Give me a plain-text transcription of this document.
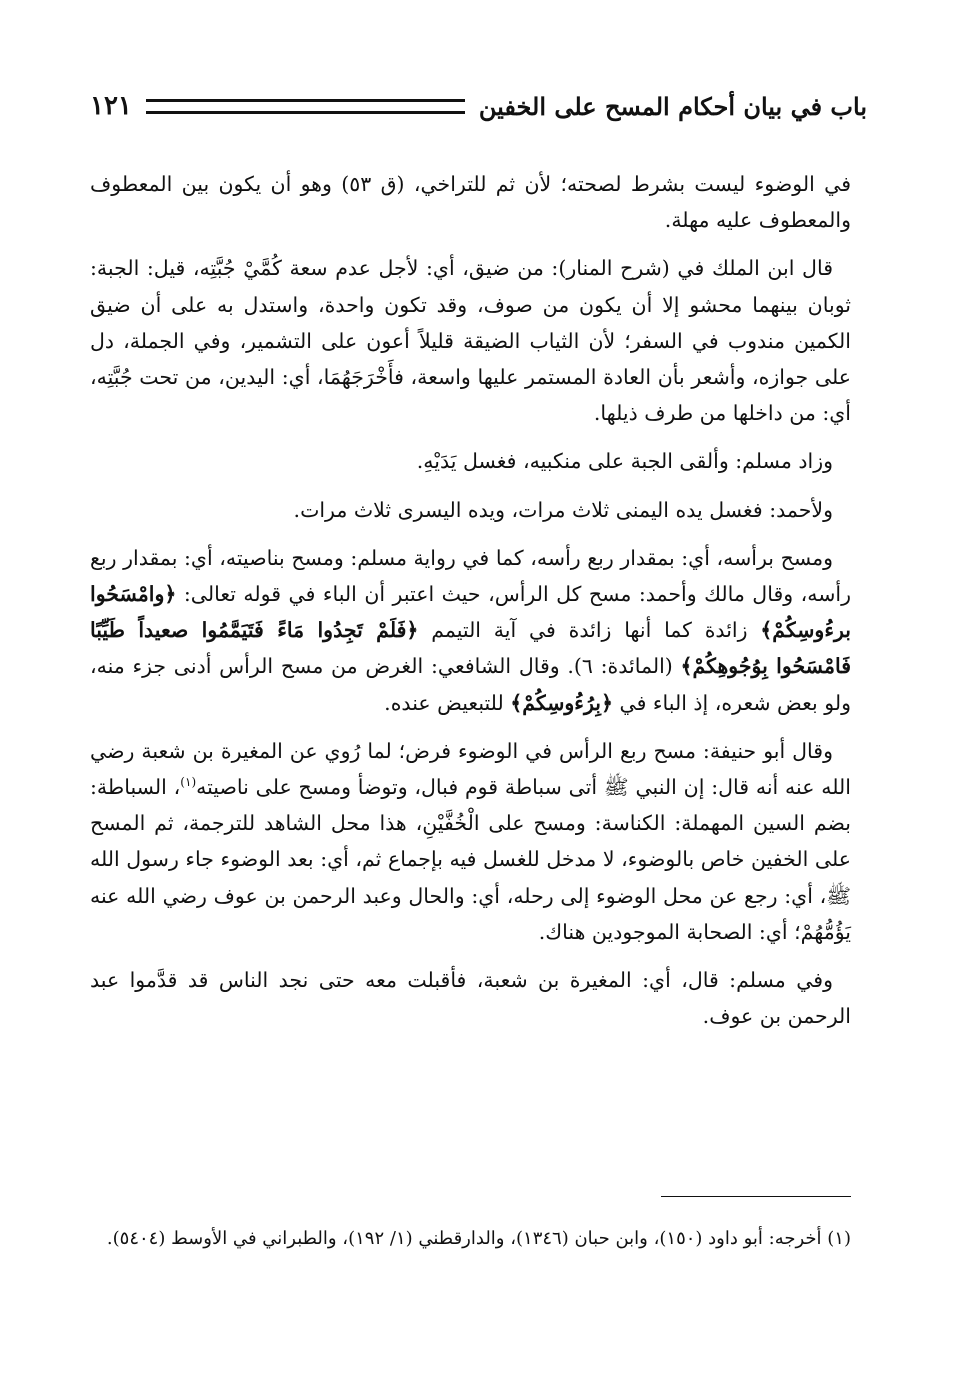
باب في بيان أحكام المسح على الخفين
١٢١

في الوضوء ليست بشرط لصحته؛ لأن ثم للتراخي، (ق ٥٣) وهو أن يكون بين المعطوف والمعطوف عليه مهلة.

قال ابن الملك في (شرح المنار): من ضيق، أي: لأجل عدم سعة كُمَّيْ جُبَّتِه، قيل: الجبة: ثوبان بينهما محشو إلا أن يكون من صوف، وقد تكون واحدة، واستدل به على أن ضيق الكمين مندوب في السفر؛ لأن الثياب الضيقة قليلاً أعون على التشمير، وفي الجملة، دل على جوازه، وأشعر بأن العادة المستمر عليها واسعة، فأَخْرَجَهُمَا، أي: اليدين، من تحت جُبَّتِه، أي: من داخلها من طرف ذيلها.

وزاد مسلم: وألقى الجبة على منكبيه، فغسل يَدَيْهِ.

ولأحمد: فغسل يده اليمنى ثلاث مرات، ويده اليسرى ثلاث مرات.

ومسح برأسه، أي: بمقدار ربع رأسه، كما في رواية مسلم: ومسح بناصيته، أي: بمقدار ربع رأسه، وقال مالك وأحمد: مسح كل الرأس، حيث اعتبر أن الباء في قوله تعالى: ﴿وامْسَحُوا برءُوسِكُمْ﴾ زائدة كما أنها زائدة في آية التيمم ﴿فَلَمْ تَجِدُوا مَاءً فَتَيَمَّمُوا صعيداً طَيِّبًا فَامْسَحُوا بِوُجُوهِكُمْ﴾ (المائدة: ٦). وقال الشافعي: الغرض من مسح الرأس أدنى جزء منه، ولو بعض شعره، إذ الباء في ﴿بِرُءُوسِكُمْ﴾ للتبعيض عنده.

وقال أبو حنيفة: مسح ربع الرأس في الوضوء فرض؛ لما رُوي عن المغيرة بن شعبة رضي الله عنه أنه قال: إن النبي ﷺ أتى سباطة قوم فبال، وتوضأ ومسح على ناصيته$^{(١)}$، السباطة: بضم السين المهملة: الكناسة: ومسح على الْخُفَّيْنِ، هذا محل الشاهد للترجمة، ثم المسح على الخفين خاص بالوضوء، لا مدخل للغسل فيه بإجماع ثم، أي: بعد الوضوء جاء رسول الله ﷺ، أي: رجع عن محل الوضوء إلى رحله، أي: والحال وعبد الرحمن بن عوف رضي الله عنه يَؤُمُّهُمْ؛ أي: الصحابة الموجودين هناك.

وفي مسلم: قال، أي: المغيرة بن شعبة، فأقبلت معه حتى نجد الناس قد قدَّموا عبد الرحمن بن عوف.

(١) أخرجه: أبو داود (١٥٠)، وابن حبان (١٣٤٦)، والدارقطني (١/ ١٩٢)، والطبراني في الأوسط (٥٤٠٤).
